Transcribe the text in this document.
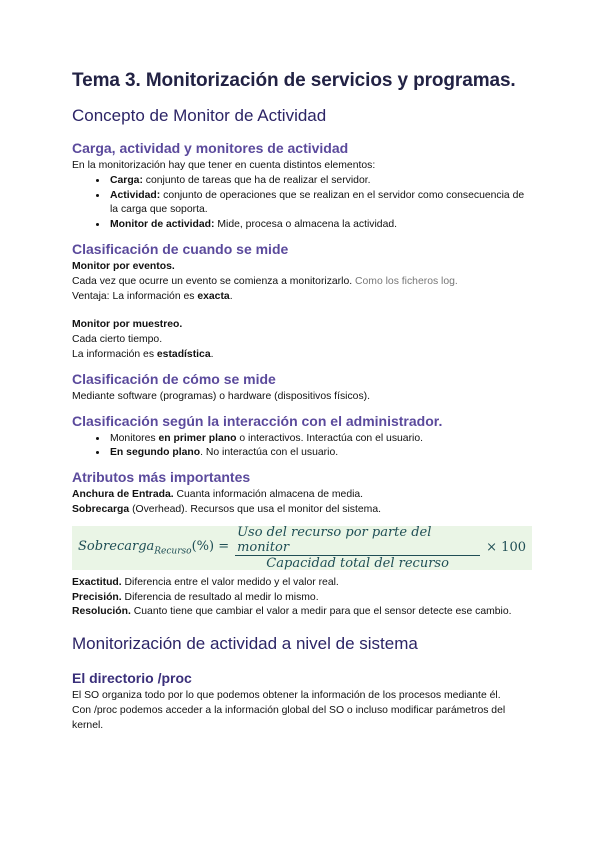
Tema 3. Monitorización de servicios y programas.
Concepto de Monitor de Actividad
Carga, actividad y monitores de actividad

En la monitorización hay que tener en cuenta distintos elementos:

• Carga: conjunto de tareas que ha de realizar el servidor.
• Actividad: conjunto de operaciones que se realizan en el servidor como consecuencia de la carga que soporta.
• Monitor de actividad: Mide, procesa o almacena la actividad.
Clasificación de cuando se mide

Monitor por eventos.

Cada vez que ocurre un evento se comienza a monitorizarlo. Como los ficheros log.

Ventaja: La información es exacta.

Monitor por muestreo.

Cada cierto tiempo.

La información es estadística.

Clasificación de cómo se mide

Mediante software (programas) o hardware (dispositivos físicos).

Clasificación según la interacción con el administrador.
• Monitores en primer plano o interactivos. Interactúa con el usuario.
• En segundo plano. No interactúa con el usuario.
Atributos más importantes

Anchura de Entrada. Cuanta información almacena de media.

Sobrecarga (Overhead). Recursos que usa el monitor del sistema.

Sobrecarga$_{Recurso}$(%) = $\frac{\text{Uso del recurso por parte del monitor}}{\text{Capacidad total del recurso}} \times 100$

Exactitud. Diferencia entre el valor medido y el valor real.

Precisión. Diferencia de resultado al medir lo mismo.

Resolución. Cuanto tiene que cambiar el valor a medir para que el sensor detecte ese cambio.

Monitorización de actividad a nivel de sistema
El directorio /proc

El SO organiza todo por lo que podemos obtener la información de los procesos mediante él.

Con /proc podemos acceder a la información global del SO o incluso modificar parámetros del kernel.
